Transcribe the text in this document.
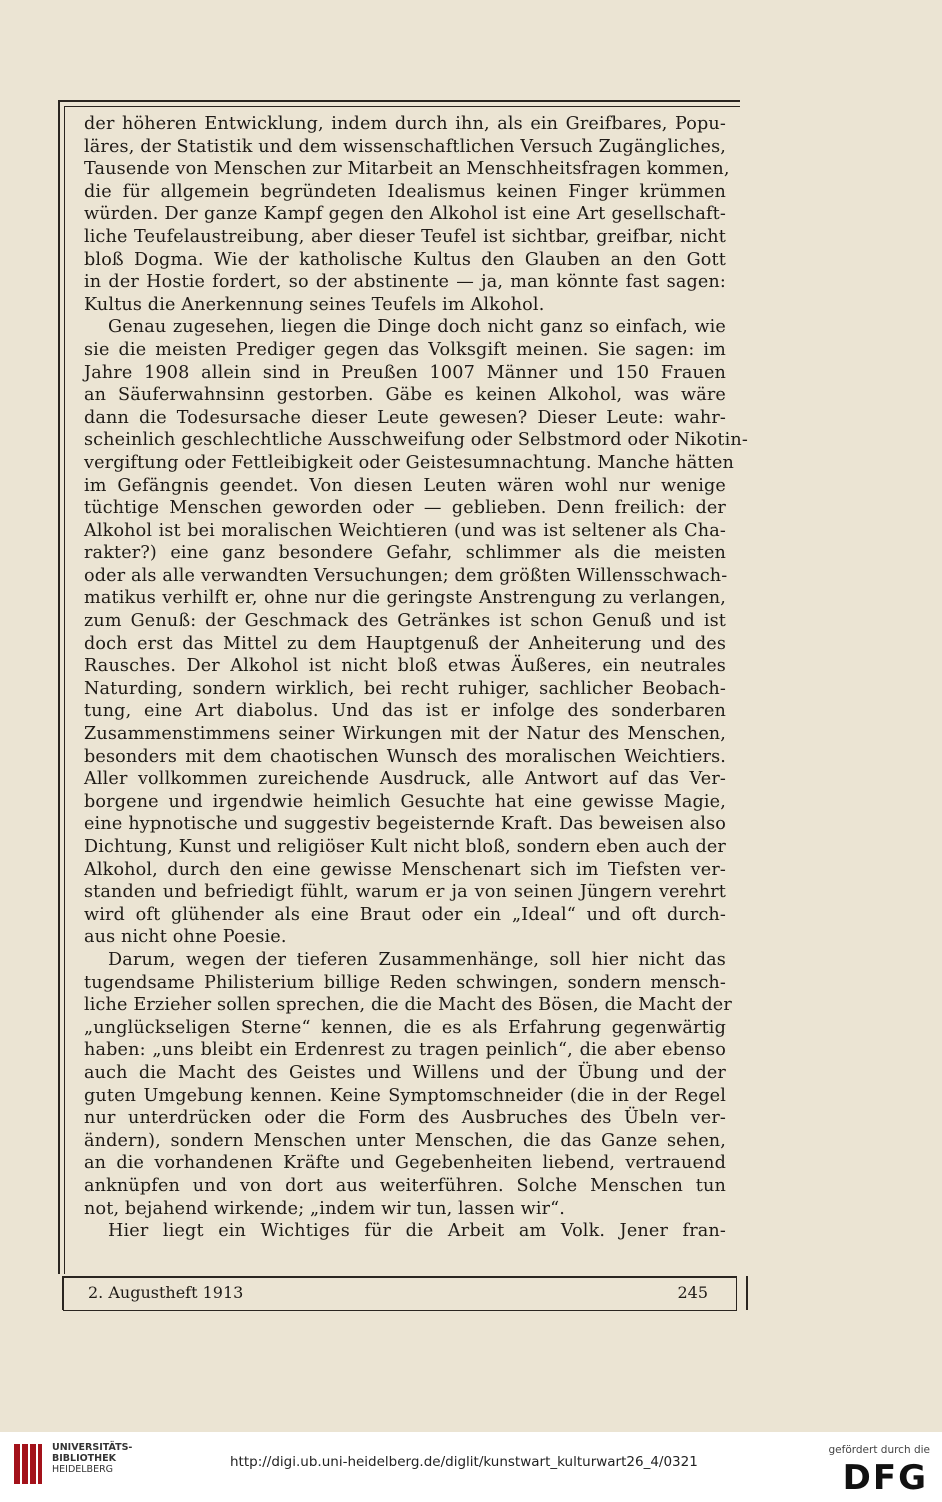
der höheren Entwicklung, indem durch ihn, als ein Greifbares, Popu-
läres, der Statistik und dem wissenschaftlichen Versuch Zugängliches,
Tausende von Menschen zur Mitarbeit an Menschheitsfragen kommen,
die für allgemein begründeten Idealismus keinen Finger krümmen
würden. Der ganze Kampf gegen den Alkohol ist eine Art gesellschaft-
liche Teufelaustreibung, aber dieser Teufel ist sichtbar, greifbar, nicht
bloß Dogma. Wie der katholische Kultus den Glauben an den Gott
in der Hostie fordert, so der abstinente — ja, man könnte fast sagen:
Kultus die Anerkennung seines Teufels im Alkohol.
Genau zugesehen, liegen die Dinge doch nicht ganz so einfach, wie
sie die meisten Prediger gegen das Volksgift meinen. Sie sagen: im
Jahre 1908 allein sind in Preußen 1007 Männer und 150 Frauen
an Säuferwahnsinn gestorben. Gäbe es keinen Alkohol, was wäre
dann die Todesursache dieser Leute gewesen? Dieser Leute: wahr-
scheinlich geschlechtliche Ausschweifung oder Selbstmord oder Nikotin-
vergiftung oder Fettleibigkeit oder Geistesumnachtung. Manche hätten
im Gefängnis geendet. Von diesen Leuten wären wohl nur wenige
tüchtige Menschen geworden oder — geblieben. Denn freilich: der
Alkohol ist bei moralischen Weichtieren (und was ist seltener als Cha-
rakter?) eine ganz besondere Gefahr, schlimmer als die meisten
oder als alle verwandten Versuchungen; dem größten Willensschwach-
matikus verhilft er, ohne nur die geringste Anstrengung zu verlangen,
zum Genuß: der Geschmack des Getränkes ist schon Genuß und ist
doch erst das Mittel zu dem Hauptgenuß der Anheiterung und des
Rausches. Der Alkohol ist nicht bloß etwas Äußeres, ein neutrales
Naturding, sondern wirklich, bei recht ruhiger, sachlicher Beobach-
tung, eine Art diabolus. Und das ist er infolge des sonderbaren
Zusammenstimmens seiner Wirkungen mit der Natur des Menschen,
besonders mit dem chaotischen Wunsch des moralischen Weichtiers.
Aller vollkommen zureichende Ausdruck, alle Antwort auf das Ver-
borgene und irgendwie heimlich Gesuchte hat eine gewisse Magie,
eine hypnotische und suggestiv begeisternde Kraft. Das beweisen also
Dichtung, Kunst und religiöser Kult nicht bloß, sondern eben auch der
Alkohol, durch den eine gewisse Menschenart sich im Tiefsten ver-
standen und befriedigt fühlt, warum er ja von seinen Jüngern verehrt
wird oft glühender als eine Braut oder ein „Ideal“ und oft durch-
aus nicht ohne Poesie.
Darum, wegen der tieferen Zusammenhänge, soll hier nicht das
tugendsame Philisterium billige Reden schwingen, sondern mensch-
liche Erzieher sollen sprechen, die die Macht des Bösen, die Macht der
„unglückseligen Sterne“ kennen, die es als Erfahrung gegenwärtig
haben: „uns bleibt ein Erdenrest zu tragen peinlich“, die aber ebenso
auch die Macht des Geistes und Willens und der Übung und der
guten Umgebung kennen. Keine Symptomschneider (die in der Regel
nur unterdrücken oder die Form des Ausbruches des Übeln ver-
ändern), sondern Menschen unter Menschen, die das Ganze sehen,
an die vorhandenen Kräfte und Gegebenheiten liebend, vertrauend
anknüpfen und von dort aus weiterführen. Solche Menschen tun
not, bejahend wirkende; „indem wir tun, lassen wir“.
Hier liegt ein Wichtiges für die Arbeit am Volk. Jener fran-
2. Augustheft 1913	245
UNIVERSITÄTS-
BIBLIOTHEK
HEIDELBERG	http://digi.ub.uni-heidelberg.de/diglit/kunstwart_kulturwart26_4/0321
gefördert durch die
DFG
